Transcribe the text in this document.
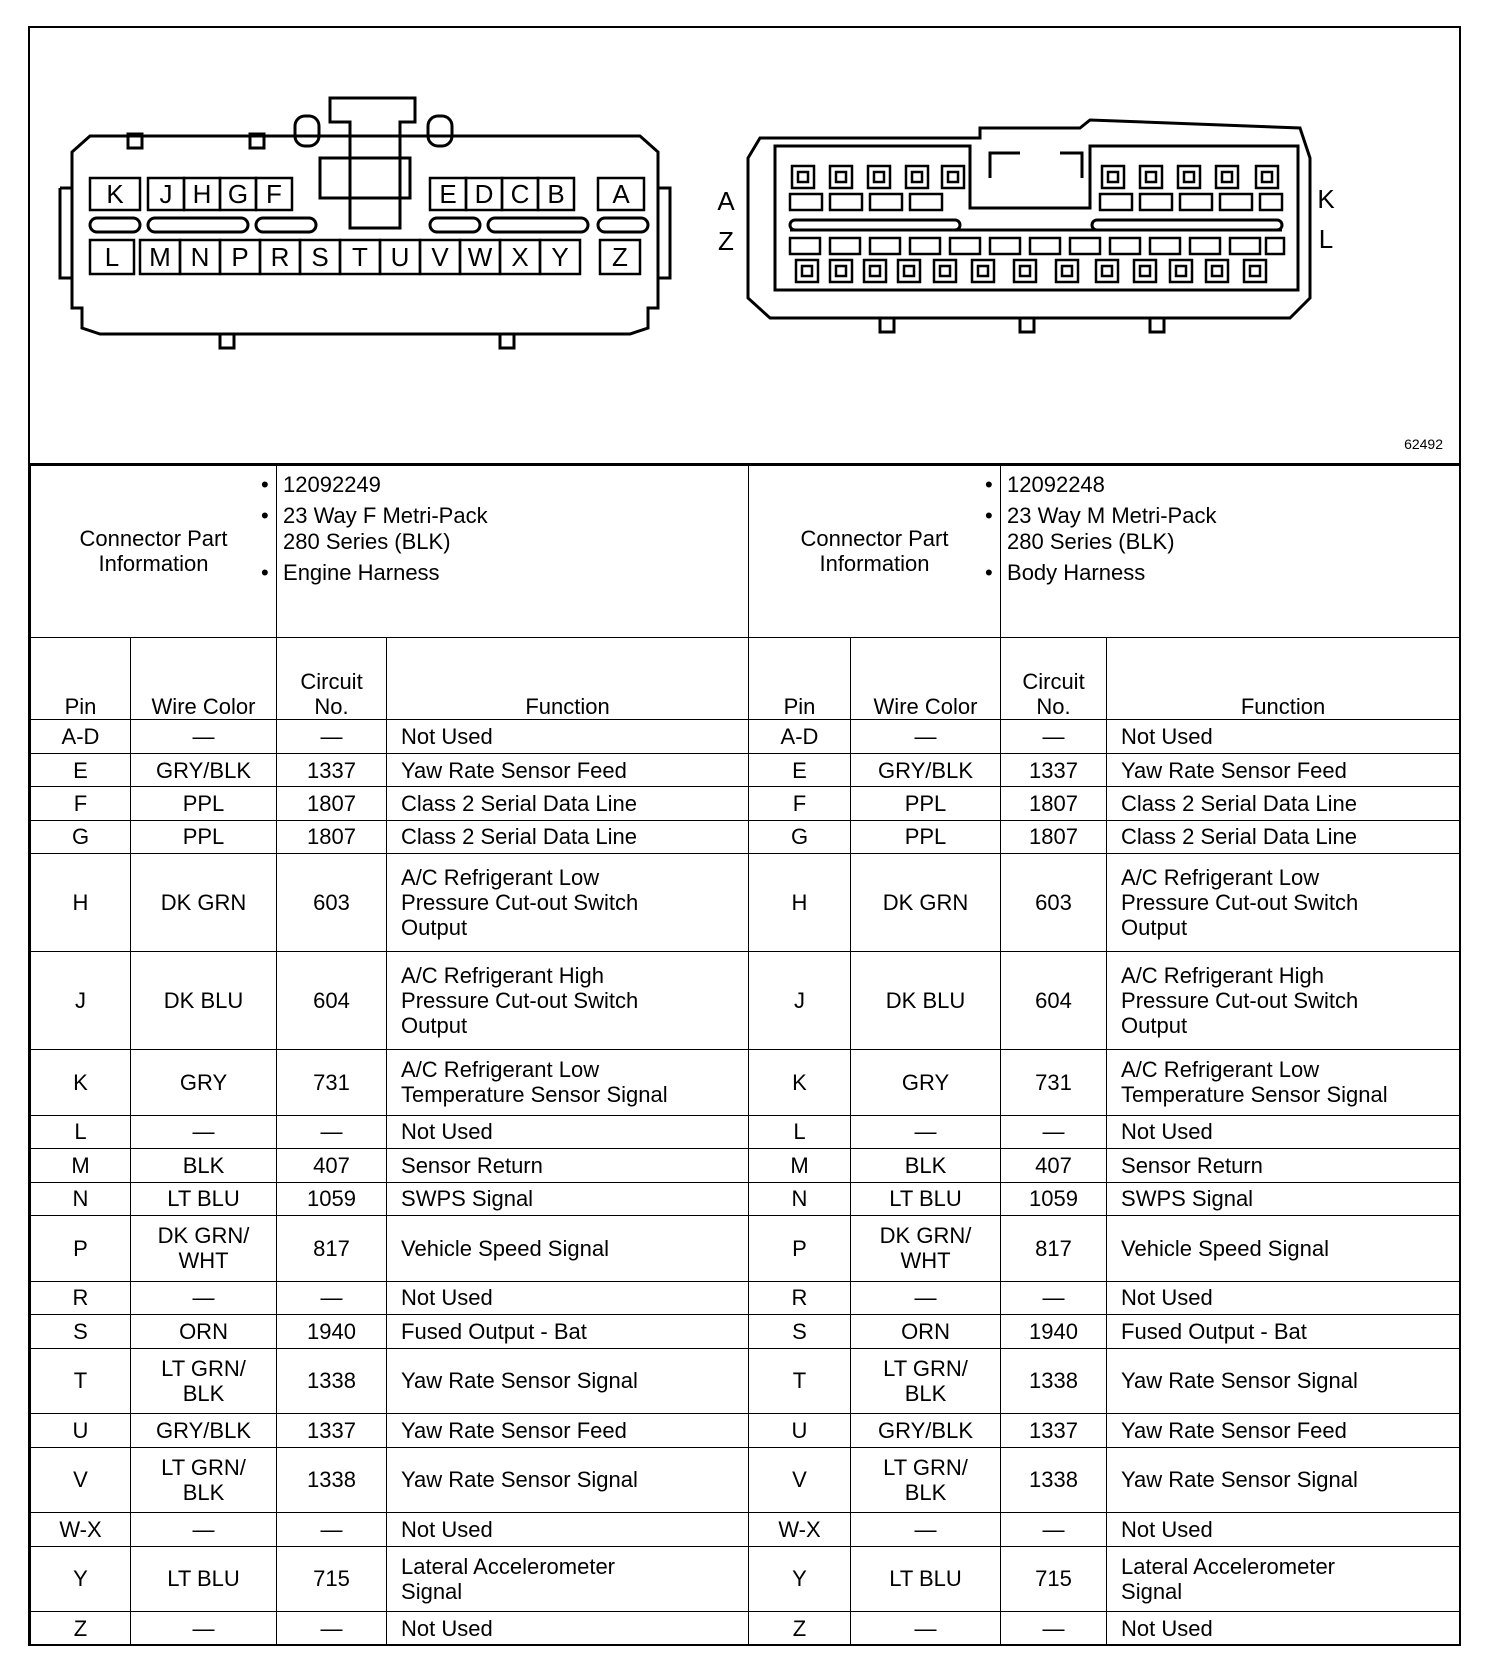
K J H G F	E D C B A
L M N P R S T U V W X Y Z
A
Z
K
L
62492
Connector Part Information		• 12092249
• 23 Way F Metri-Pack
280 Series (BLK)
• Engine Harness

Pin	Wire Color	Circuit
No.	Function
A-D	—	—	Not Used
E	GRY/BLK	1337	Yaw Rate Sensor Feed
F	PPL	1807	Class 2 Serial Data Line
G	PPL	1807	Class 2 Serial Data Line
H	DK GRN	603	A/C Refrigerant Low
Pressure Cut-out Switch
Output
J	DK BLU	604	A/C Refrigerant High
Pressure Cut-out Switch
Output
K	GRY	731	A/C Refrigerant Low
Temperature Sensor Signal
L	—	—	Not Used
M	BLK	407	Sensor Return
N	LT BLU	1059	SWPS Signal
P	DK GRN/
WHT	817	Vehicle Speed Signal
R	—	—	Not Used
S	ORN	1940	Fused Output - Bat
T	LT GRN/
BLK	1338	Yaw Rate Sensor Signal
U	GRY/BLK	1337	Yaw Rate Sensor Feed
V	LT GRN/
BLK	1338	Yaw Rate Sensor Signal
W-X	—	—	Not Used
Y	LT BLU	715	Lateral Accelerometer
Signal
Z	—	—	Not Used
Connector Part Information		• 12092248
• 23 Way M Metri-Pack
280 Series (BLK)
• Body Harness

Pin	Wire Color	Circuit
No.	Function
A-D	—	—	Not Used
E	GRY/BLK	1337	Yaw Rate Sensor Feed
F	PPL	1807	Class 2 Serial Data Line
G	PPL	1807	Class 2 Serial Data Line
H	DK GRN	603	A/C Refrigerant Low
Pressure Cut-out Switch
Output
J	DK BLU	604	A/C Refrigerant High
Pressure Cut-out Switch
Output
K	GRY	731	A/C Refrigerant Low
Temperature Sensor Signal
L	—	—	Not Used
M	BLK	407	Sensor Return
N	LT BLU	1059	SWPS Signal
P	DK GRN/
WHT	817	Vehicle Speed Signal
R	—	—	Not Used
S	ORN	1940	Fused Output - Bat
T	LT GRN/
BLK	1338	Yaw Rate Sensor Signal
U	GRY/BLK	1337	Yaw Rate Sensor Feed
V	LT GRN/
BLK	1338	Yaw Rate Sensor Signal
W-X	—	—	Not Used
Y	LT BLU	715	Lateral Accelerometer
Signal
Z	—	—	Not Used
